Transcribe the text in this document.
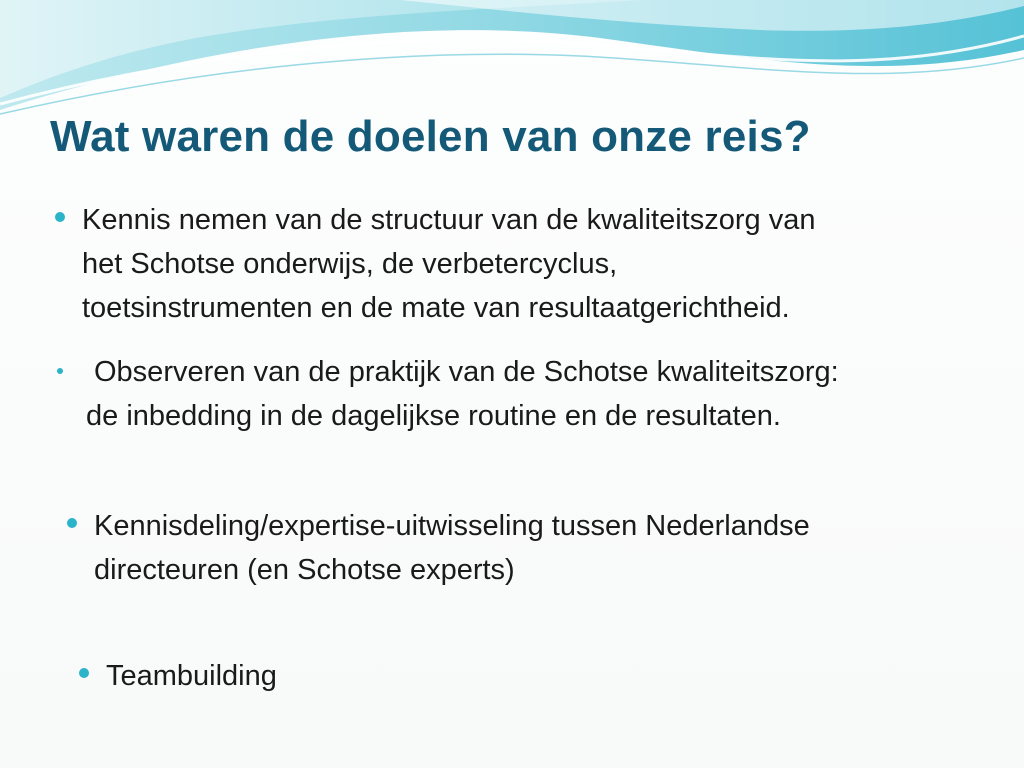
Wat waren de doelen van onze reis?
Kennis nemen van de structuur van de kwaliteitszorg van
het Schotse onderwijs, de verbetercyclus,
toetsinstrumenten en de mate van resultaatgerichtheid.
Observeren van de praktijk van de Schotse kwaliteitszorg:
de inbedding in de dagelijkse routine en de resultaten.
Kennisdeling/expertise-uitwisseling tussen Nederlandse
directeuren (en Schotse experts)
Teambuilding
